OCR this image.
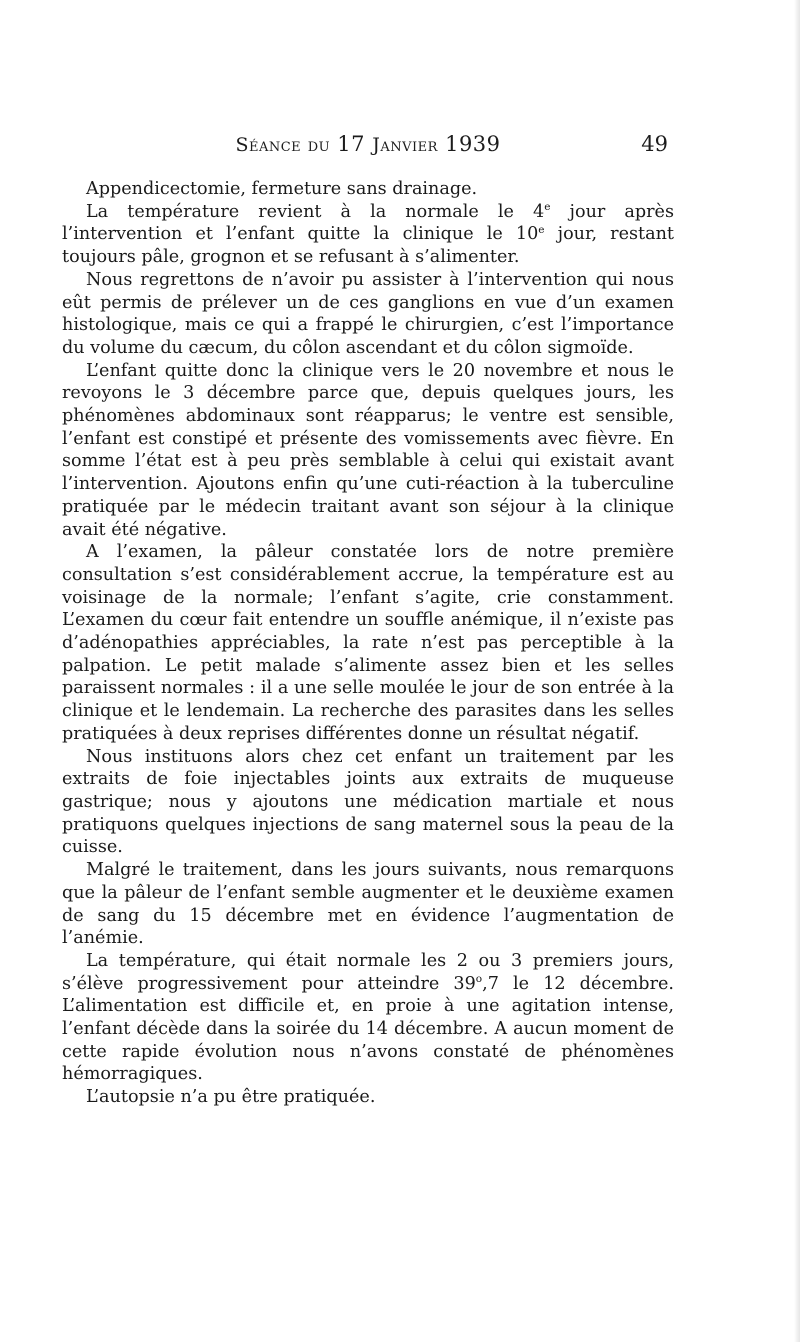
Séance du 17 Janvier 1939	49

Appendicectomie, fermeture sans drainage.

La température revient à la normale le 4e jour après l’intervention et l’enfant quitte la clinique le 10e jour, restant toujours pâle, grognon et se refusant à s’alimenter.

Nous regrettons de n’avoir pu assister à l’intervention qui nous eût permis de prélever un de ces ganglions en vue d’un examen histologique, mais ce qui a frappé le chirurgien, c’est l’importance du volume du cæcum, du côlon ascendant et du côlon sigmoïde.

L’enfant quitte donc la clinique vers le 20 novembre et nous le revoyons le 3 décembre parce que, depuis quelques jours, les phénomènes abdominaux sont réapparus; le ventre est sensible, l’enfant est constipé et présente des vomissements avec fièvre. En somme l’état est à peu près semblable à celui qui existait avant l’intervention. Ajoutons enfin qu’une cuti-réaction à la tuberculine pratiquée par le médecin traitant avant son séjour à la clinique avait été négative.

A l’examen, la pâleur constatée lors de notre première consultation s’est considérablement accrue, la température est au voisinage de la normale; l’enfant s’agite, crie constamment. L’examen du cœur fait entendre un souffle anémique, il n’existe pas d’adénopathies appréciables, la rate n’est pas perceptible à la palpation. Le petit malade s’alimente assez bien et les selles paraissent normales : il a une selle moulée le jour de son entrée à la clinique et le lendemain. La recherche des parasites dans les selles pratiquées à deux reprises différentes donne un résultat négatif.

Nous instituons alors chez cet enfant un traitement par les extraits de foie injectables joints aux extraits de muqueuse gastrique; nous y ajoutons une médication martiale et nous pratiquons quelques injections de sang maternel sous la peau de la cuisse.

Malgré le traitement, dans les jours suivants, nous remarquons que la pâleur de l’enfant semble augmenter et le deuxième examen de sang du 15 décembre met en évidence l’augmentation de l’anémie.

La température, qui était normale les 2 ou 3 premiers jours, s’élève progressivement pour atteindre 39$^o$,7 le 12 décembre. L’alimentation est difficile et, en proie à une agitation intense, l’enfant décède dans la soirée du 14 décembre. A aucun moment de cette rapide évolution nous n’avons constaté de phénomènes hémorragiques.

L’autopsie n’a pu être pratiquée.
